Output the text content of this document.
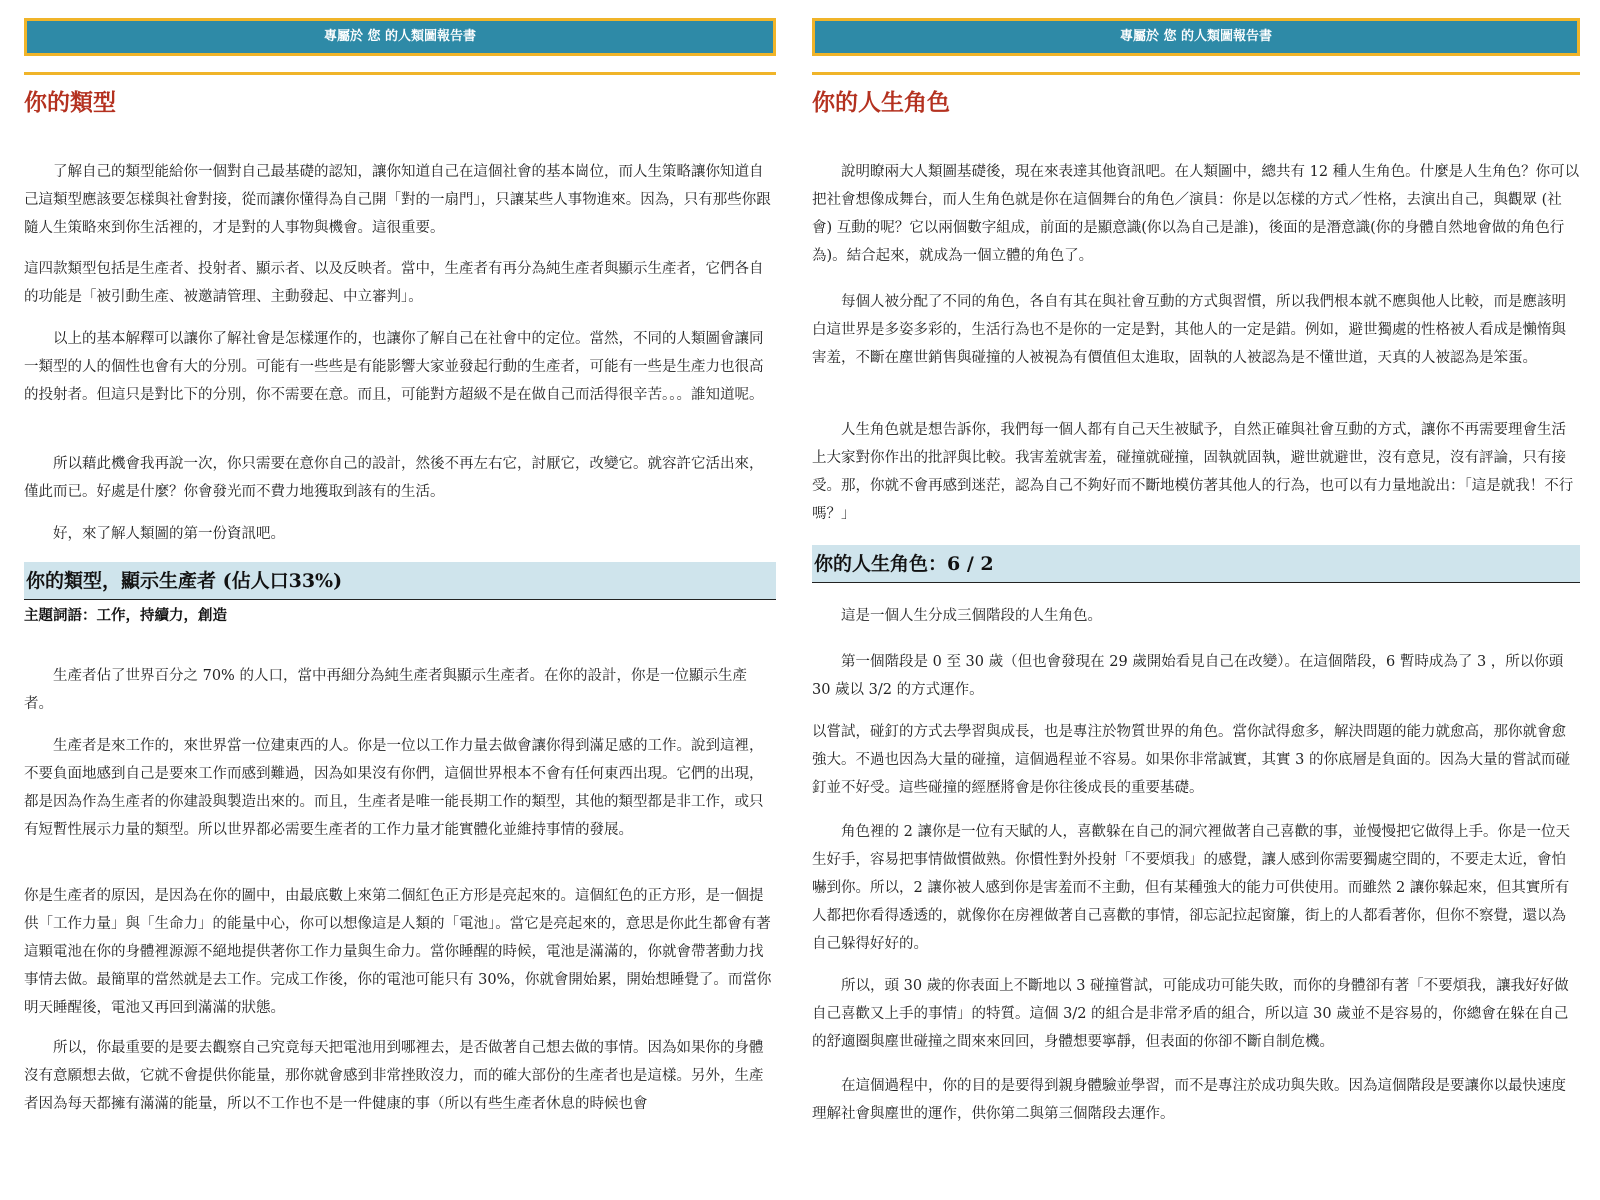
專屬於 您 的人類圖報告書
你的類型

了解自己的類型能給你一個對自己最基礎的認知，讓你知道自己在這個社會的基本崗位，而人生策略讓你知道自己這類型應該要怎樣與社會對接，從而讓你懂得為自己開「對的一扇門」，只讓某些人事物進來。因為，只有那些你跟隨人生策略來到你生活裡的，才是對的人事物與機會。這很重要。

這四款類型包括是生產者、投射者、顯示者、以及反映者。當中，生產者有再分為純生產者與顯示生產者，它們各自的功能是「被引動生產、被邀請管理、主動發起、中立審判」。

以上的基本解釋可以讓你了解社會是怎樣運作的，也讓你了解自己在社會中的定位。當然，不同的人類圖會讓同一類型的人的個性也會有大的分別。可能有一些些是有能影響大家並發起行動的生產者，可能有一些是生產力也很高的投射者。但這只是對比下的分別，你不需要在意。而且，可能對方超級不是在做自己而活得很辛苦。。。誰知道呢。

所以藉此機會我再說一次，你只需要在意你自己的設計，然後不再左右它，討厭它，改變它。就容許它活出來，僅此而已。好處是什麼？你會發光而不費力地獲取到該有的生活。

好，來了解人類圖的第一份資訊吧。

你的類型，顯示生產者 (佔人口33%)
主題詞語：工作，持續力，創造

生產者佔了世界百分之 70% 的人口，當中再細分為純生產者與顯示生產者。在你的設計，你是一位顯示生產者。

生產者是來工作的，來世界當一位建東西的人。你是一位以工作力量去做會讓你得到滿足感的工作。說到這裡，不要負面地感到自己是要來工作而感到難過，因為如果沒有你們，這個世界根本不會有任何東西出現。它們的出現，都是因為作為生產者的你建設與製造出來的。而且，生產者是唯一能長期工作的類型，其他的類型都是非工作，或只有短暫性展示力量的類型。所以世界都必需要生產者的工作力量才能實體化並維持事情的發展。

你是生產者的原因，是因為在你的圖中，由最底數上來第二個紅色正方形是亮起來的。這個紅色的正方形，是一個提供「工作力量」與「生命力」的能量中心，你可以想像這是人類的「電池」。當它是亮起來的，意思是你此生都會有著這顆電池在你的身體裡源源不絕地提供著你工作力量與生命力。當你睡醒的時候，電池是滿滿的，你就會帶著動力找事情去做。最簡單的當然就是去工作。完成工作後，你的電池可能只有 30%，你就會開始累，開始想睡覺了。而當你明天睡醒後，電池又再回到滿滿的狀態。

所以，你最重要的是要去觀察自己究竟每天把電池用到哪裡去，是否做著自己想去做的事情。因為如果你的身體沒有意願想去做，它就不會提供你能量，那你就會感到非常挫敗沒力，而的確大部份的生產者也是這樣。另外，生產者因為每天都擁有滿滿的能量，所以不工作也不是一件健康的事（所以有些生產者休息的時候也會

專屬於 您 的人類圖報告書
你的人生角色

說明瞭兩大人類圖基礎後，現在來表達其他資訊吧。在人類圖中，總共有 12 種人生角色。什麼是人生角色？你可以把社會想像成舞台，而人生角色就是你在這個舞台的角色／演員：你是以怎樣的方式／性格，去演出自己，與觀眾 (社會) 互動的呢？它以兩個數字組成，前面的是顯意識(你以為自己是誰)，後面的是潛意識(你的身體自然地會做的角色行為)。結合起來，就成為一個立體的角色了。

每個人被分配了不同的角色，各自有其在與社會互動的方式與習慣，所以我們根本就不應與他人比較，而是應該明白這世界是多姿多彩的，生活行為也不是你的一定是對，其他人的一定是錯。例如，避世獨處的性格被人看成是懶惰與害羞，不斷在塵世銷售與碰撞的人被視為有價值但太進取，固執的人被認為是不懂世道，天真的人被認為是笨蛋。

人生角色就是想告訴你，我們每一個人都有自己天生被賦予，自然正確與社會互動的方式，讓你不再需要理會生活上大家對你作出的批評與比較。我害羞就害羞，碰撞就碰撞，固執就固執，避世就避世，沒有意見，沒有評論，只有接受。那，你就不會再感到迷茫，認為自己不夠好而不斷地模仿著其他人的行為，也可以有力量地說出：「這是就我！不行嗎？」

你的人生角色：6 / 2

這是一個人生分成三個階段的人生角色。

第一個階段是 0 至 30 歲（但也會發現在 29 歲開始看見自己在改變）。在這個階段，6 暫時成為了 3 ，所以你頭 30 歲以 3/2 的方式運作。

以嘗試，碰釘的方式去學習與成長，也是專注於物質世界的角色。當你試得愈多，解決問題的能力就愈高，那你就會愈強大。不過也因為大量的碰撞，這個過程並不容易。如果你非常誠實，其實 3 的你底層是負面的。因為大量的嘗試而碰釘並不好受。這些碰撞的經歷將會是你往後成長的重要基礎。

角色裡的 2 讓你是一位有天賦的人，喜歡躲在自己的洞穴裡做著自己喜歡的事，並慢慢把它做得上手。你是一位天生好手，容易把事情做慣做熟。你慣性對外投射「不要煩我」的感覺，讓人感到你需要獨處空間的，不要走太近，會怕嚇到你。所以，2 讓你被人感到你是害羞而不主動，但有某種強大的能力可供使用。而雖然 2 讓你躲起來，但其實所有人都把你看得透透的，就像你在房裡做著自己喜歡的事情，卻忘記拉起窗簾，街上的人都看著你，但你不察覺，還以為自己躲得好好的。

所以，頭 30 歲的你表面上不斷地以 3 碰撞嘗試，可能成功可能失敗，而你的身體卻有著「不要煩我，讓我好好做自己喜歡又上手的事情」的特質。這個 3/2 的組合是非常矛盾的組合，所以這 30 歲並不是容易的，你總會在躲在自己的舒適圈與塵世碰撞之間來來回回，身體想要寧靜，但表面的你卻不斷自制危機。

在這個過程中，你的目的是要得到親身體驗並學習，而不是專注於成功與失敗。因為這個階段是要讓你以最快速度理解社會與塵世的運作，供你第二與第三個階段去運作。
